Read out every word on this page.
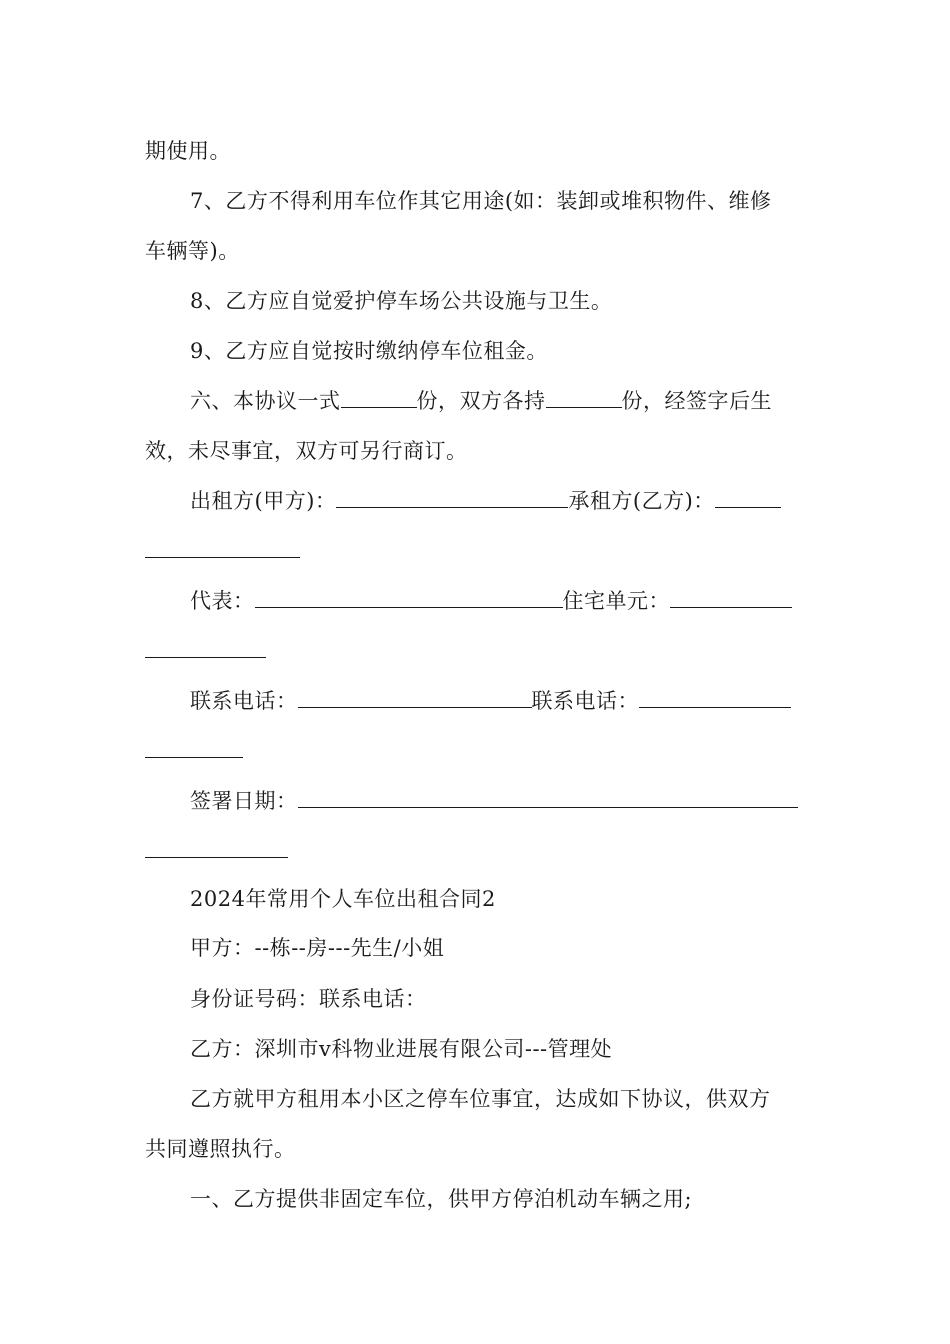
期使用。
7、乙方不得利用车位作其它用途(如：装卸或堆积物件、维修
车辆等)。
8、乙方应自觉爱护停车场公共设施与卫生。
9、乙方应自觉按时缴纳停车位租金。
六、本协议一式	份，双方各持	份，经签字后生
效，未尽事宜，双方可另行商订。
出租方(甲方)：	承租方(乙方)：
代表：	住宅单元：
联系电话：	联系电话：
签署日期：
2024年常用个人车位出租合同2
甲方：--栋--房---先生/小姐
身份证号码：联系电话：
乙方：深圳市v科物业进展有限公司---管理处
乙方就甲方租用本小区之停车位事宜，达成如下协议，供双方
共同遵照执行。
一、乙方提供非固定车位，供甲方停泊机动车辆之用;
